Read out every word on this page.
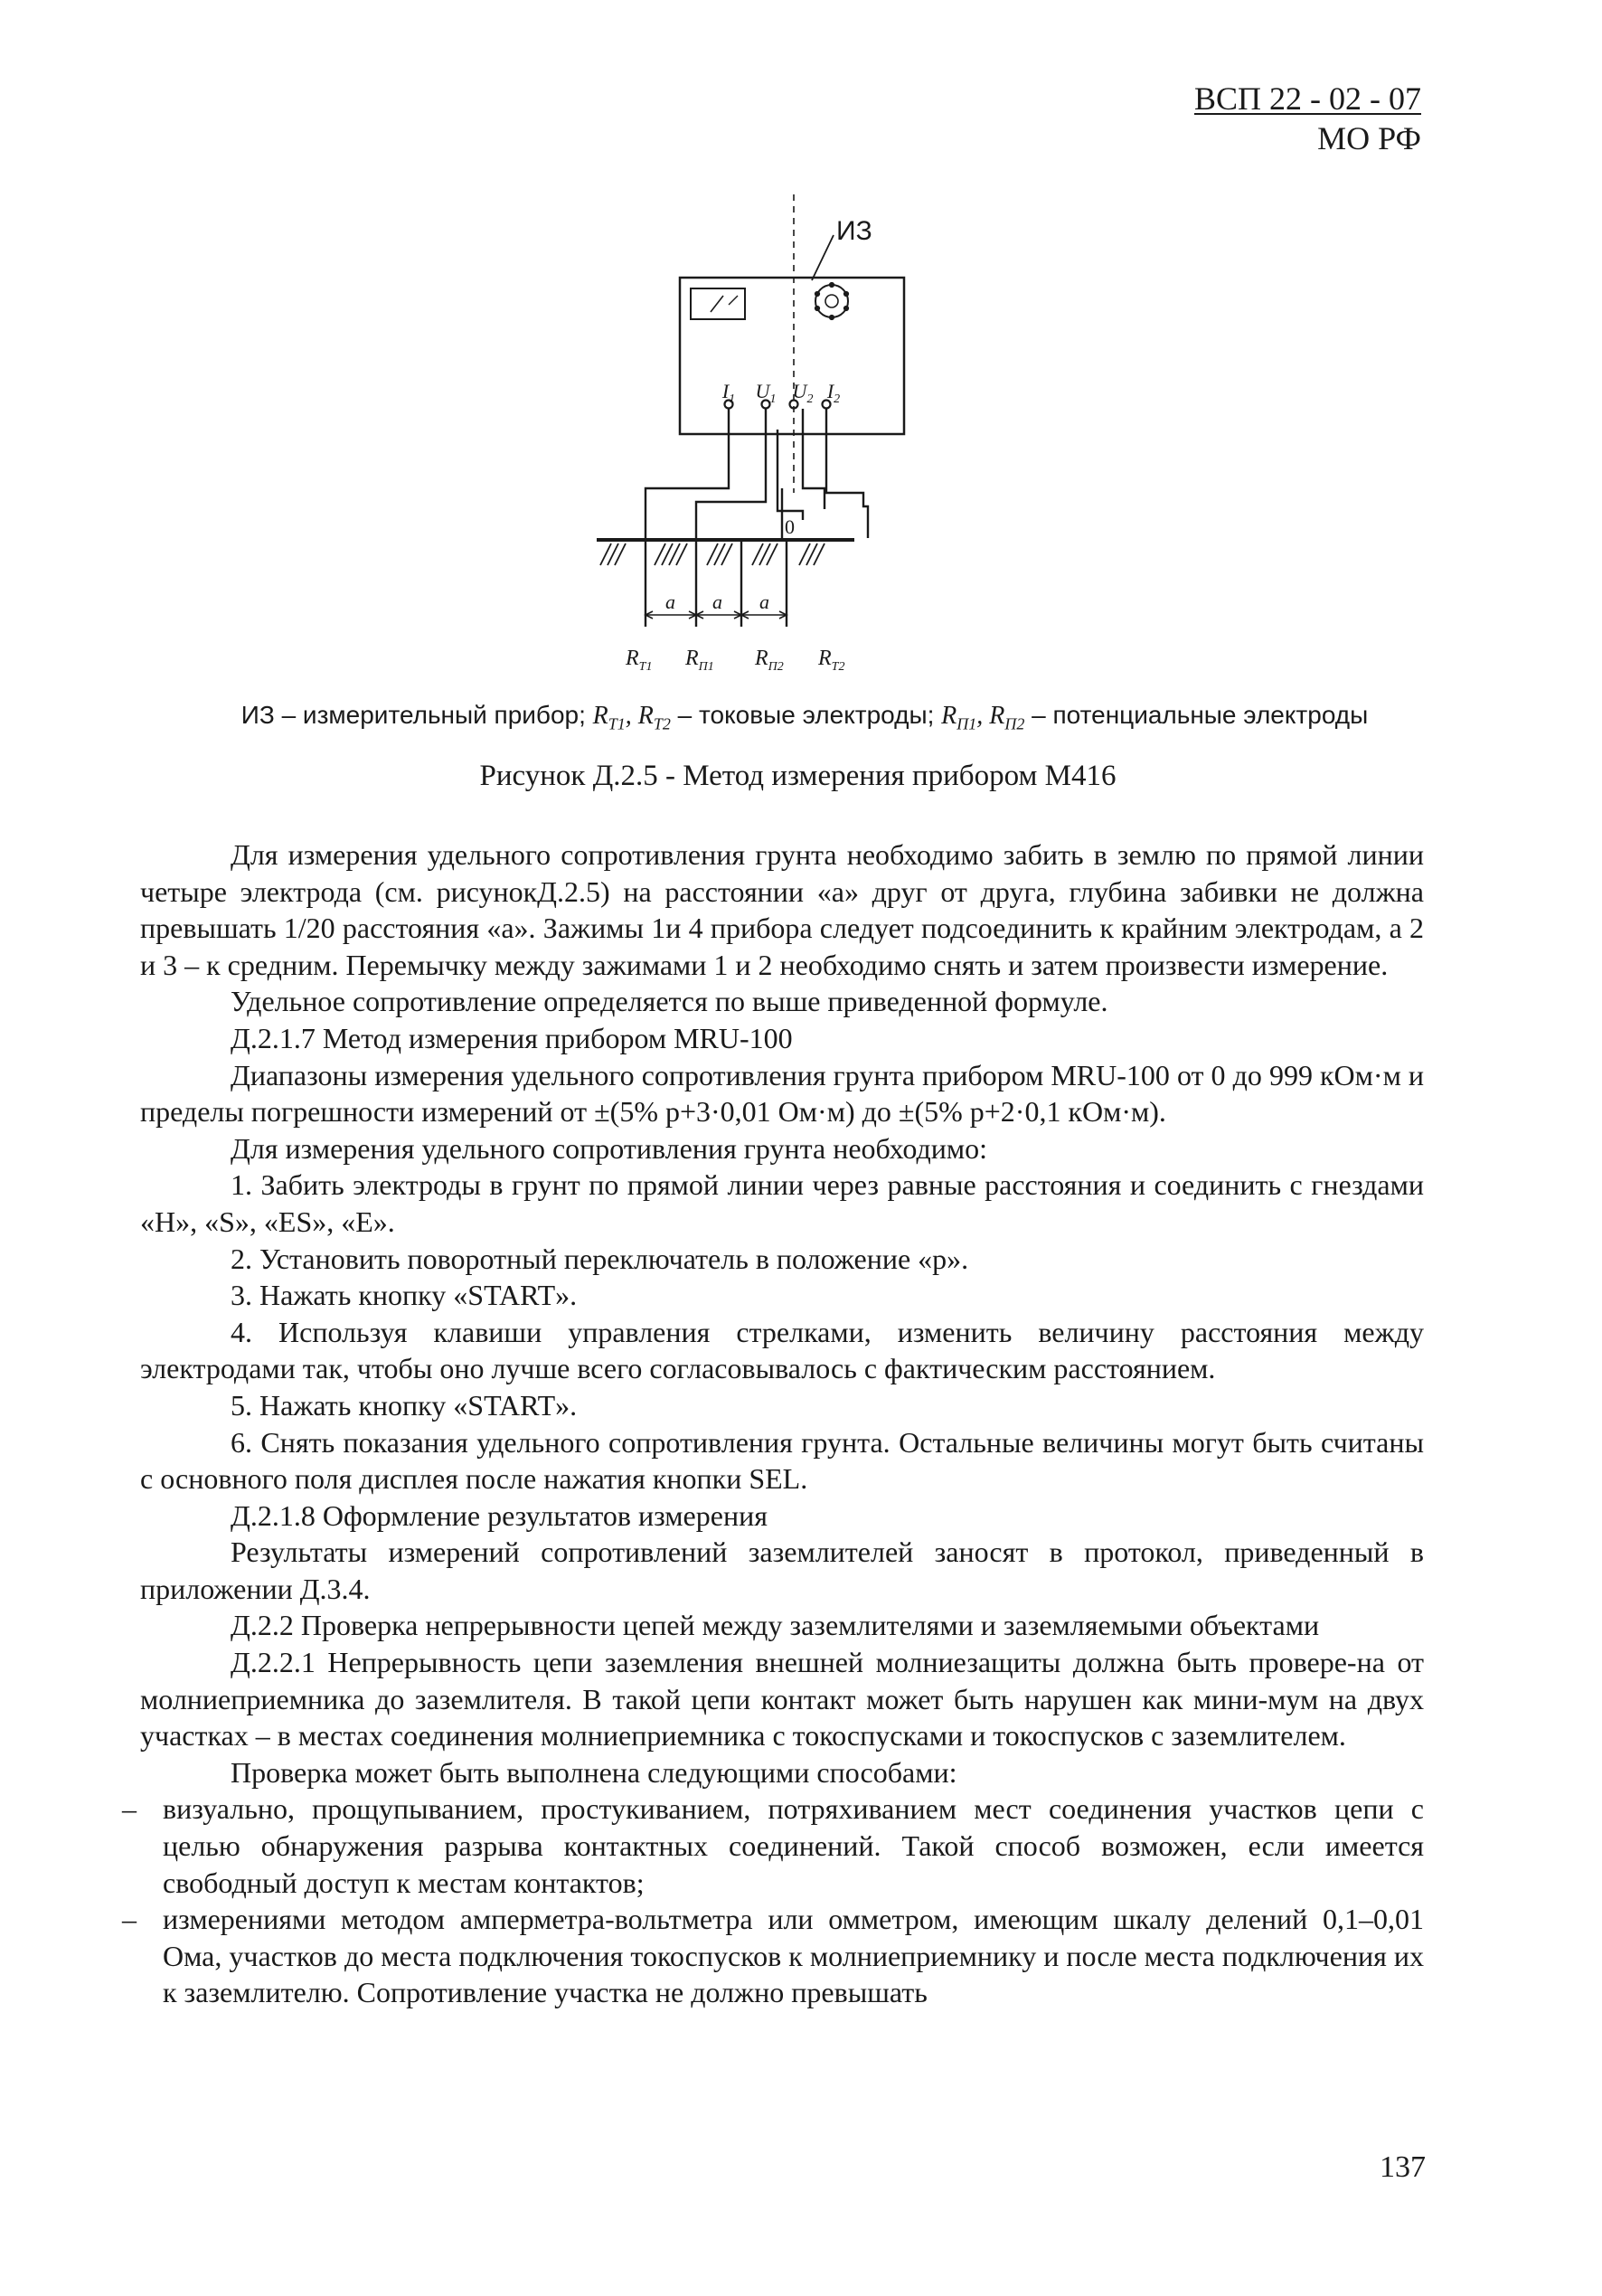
ВСП 22 - 02 - 07
МО РФ
ИЗ
$I_1$ $U_1$ $U_2$ $I_2$
0
a a a
$R_{T1}$ $R_{П1}$ $R_{П2}$ $R_{T2}$
ИЗ – измерительный прибор; $R_{T1}$, $R_{T2}$ – токовые электроды; $R_{П1}$, $R_{П2}$ – потенциальные электроды
Рисунок Д.2.5 - Метод измерения прибором М416

Для измерения удельного сопротивления грунта необходимо забить в землю по прямой линии четыре электрода (см. рисунокД.2.5) на расстоянии «а» друг от друга, глубина забивки не должна превышать 1/20 расстояния «а». Зажимы 1и 4 прибора следует подсоединить к крайним электродам, а 2 и 3 – к средним. Перемычку между зажимами 1 и 2 необходимо снять и затем произвести измерение.

Удельное сопротивление определяется по выше приведенной формуле.

Д.2.1.7 Метод измерения прибором MRU-100

Диапазоны измерения удельного сопротивления грунта прибором MRU-100 от 0 до 999 кОм·м и пределы погрешности измерений от ±(5% р+3·0,01 Ом·м) до ±(5% р+2·0,1 кОм·м).

Для измерения удельного сопротивления грунта необходимо:

1. Забить электроды в грунт по прямой линии через равные расстояния и соединить с гнездами «H», «S», «ES», «E».

2. Установить поворотный переключатель в положение «р».

3. Нажать кнопку «START».

4. Используя клавиши управления стрелками, изменить величину расстояния между электродами так, чтобы оно лучше всего согласовывалось с фактическим расстоянием.

5. Нажать кнопку «START».

6. Снять показания удельного сопротивления грунта. Остальные величины могут быть считаны с основного поля дисплея после нажатия кнопки SEL.

Д.2.1.8 Оформление результатов измерения

Результаты измерений сопротивлений заземлителей заносят в протокол, приведенный в приложении Д.3.4.

Д.2.2 Проверка непрерывности цепей между заземлителями и заземляемыми объектами

Д.2.2.1 Непрерывность цепи заземления внешней молниезащиты должна быть провере-на от молниеприемника до заземлителя. В такой цепи контакт может быть нарушен как мини-мум на двух участках – в местах соединения молниеприемника с токоспусками и токоспусков с заземлителем.

Проверка может быть выполнена следующими способами:

– визуально, прощупыванием, простукиванием, потряхиванием мест соединения участков цепи с целью обнаружения разрыва контактных соединений. Такой способ возможен, если имеется свободный доступ к местам контактов;
– измерениями методом амперметра-вольтметра или омметром, имеющим шкалу делений 0,1–0,01 Ома, участков до места подключения токоспусков к молниеприемнику и после места подключения их к заземлителю. Сопротивление участка не должно превышать
137
